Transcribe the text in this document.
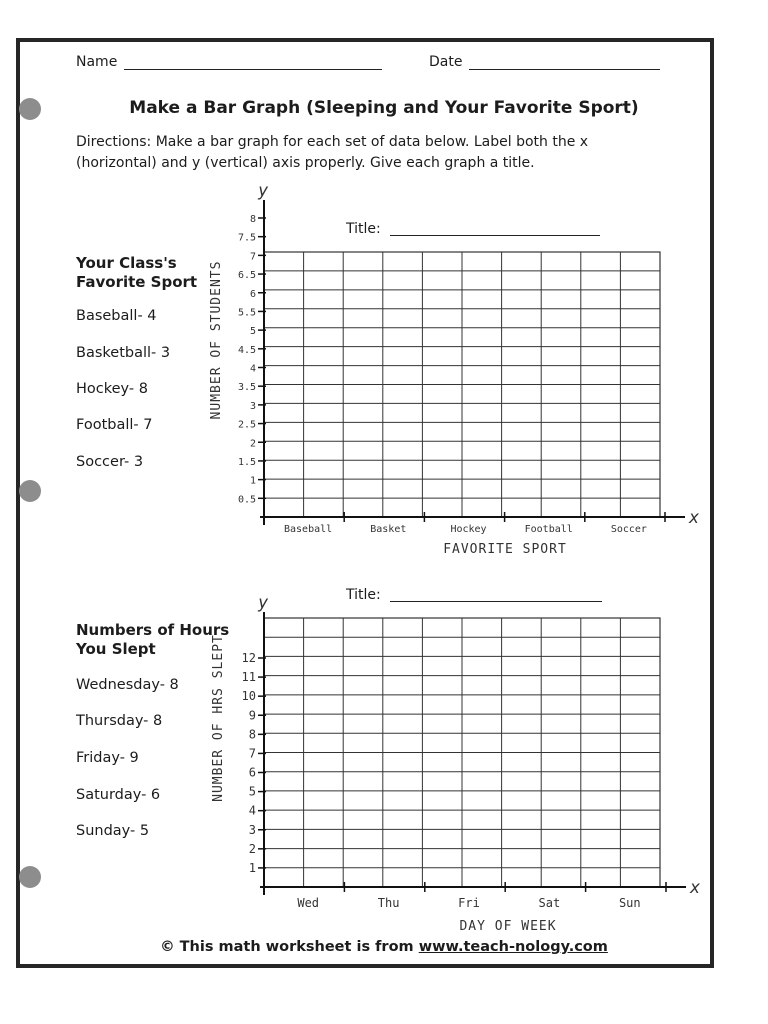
Name	Date
Make a Bar Graph (Sleeping and Your Favorite Sport)
Directions: Make a bar graph for each set of data below. Label both the x (horizontal) and y (vertical) axis properly. Give each graph a title.
Your Class's Favorite Sport
Baseball- 4
Basketball- 3
Hockey- 8
Football- 7
Soccer- 3
Title:
Numbers of Hours You Slept
Wednesday- 8
Thursday- 8
Friday- 9
Saturday- 6
Sunday- 5
Title:
y
x
0.5
1
1.5
2
2.5
3
3.5
4
4.5
5
5.5
6
6.5
7
7.5
8
Baseball	Basket	Hockey	Football	Soccer
FAVORITE SPORT
NUMBER OF STUDENTS
y
x
1
2
3
4
5
6
7
8
9
10
11
12
Wed	Thu	Fri	Sat	Sun
DAY OF WEEK
NUMBER OF HRS SLEPT
© This math worksheet is from www.teach-nology.com
